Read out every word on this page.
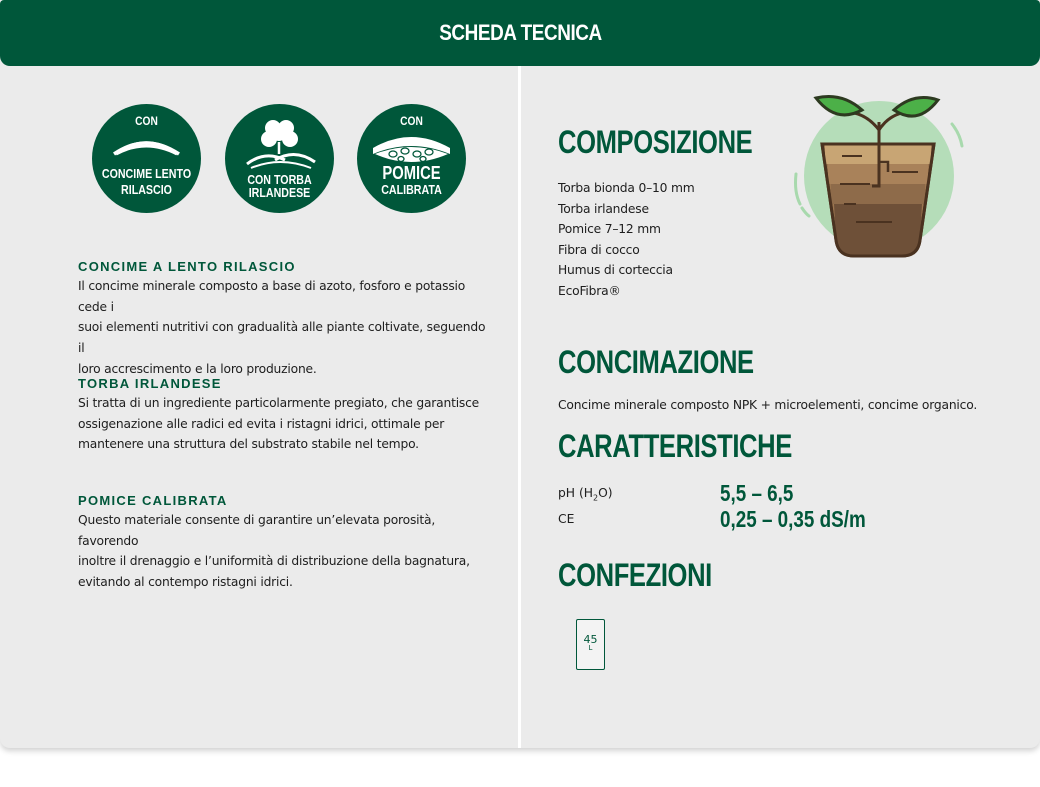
SCHEDA TECNICA
CON
CONCIME LENTO
RILASCIO
CON TORBA
IRLANDESE
CON
POMICE
CALIBRATA
CONCIME A LENTO RILASCIO
Il concime minerale composto a base di azoto, fosforo e potassio cede i
suoi elementi nutritivi con gradualità alle piante coltivate, seguendo il
loro accrescimento e la loro produzione.
TORBA IRLANDESE
Si tratta di un ingrediente particolarmente pregiato, che garantisce
ossigenazione alle radici ed evita i ristagni idrici, ottimale per
mantenere una struttura del substrato stabile nel tempo.
POMICE CALIBRATA
Questo materiale consente di garantire un’elevata porosità, favorendo
inoltre il drenaggio e l’uniformità di distribuzione della bagnatura,
evitando al contempo ristagni idrici.
COMPOSIZIONE
Torba bionda 0–10 mm
Torba irlandese
Pomice 7–12 mm
Fibra di cocco
Humus di corteccia
EcoFibra®
CONCIMAZIONE
Concime minerale composto NPK + microelementi, concime organico.
CARATTERISTICHE
pH $(H_2O)$	5,5 – 6,5
CE	0,25 – 0,35 dS/m
CONFEZIONI
45
L
